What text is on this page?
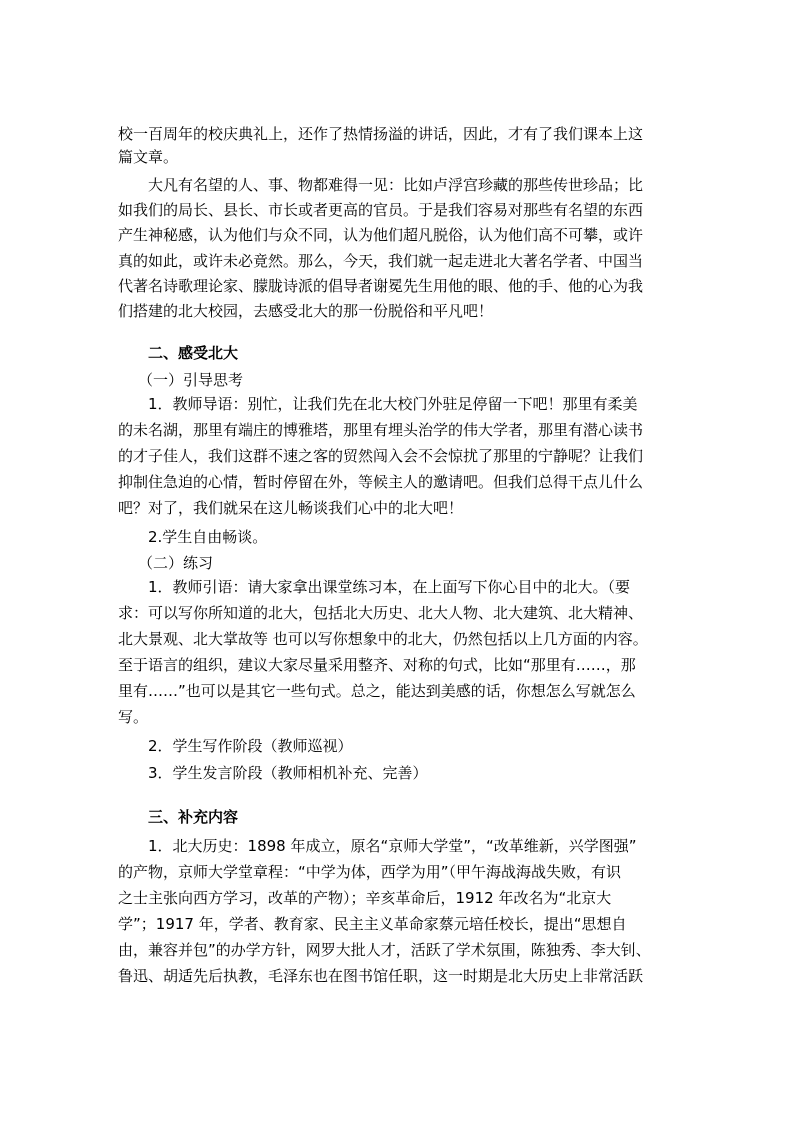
校一百周年的校庆典礼上，还作了热情扬溢的讲话，因此，才有了我们课本上这
篇文章。
大凡有名望的人、事、物都难得一见：比如卢浮宫珍藏的那些传世珍品；比
如我们的局长、县长、市长或者更高的官员。于是我们容易对那些有名望的东西
产生神秘感，认为他们与众不同，认为他们超凡脱俗，认为他们高不可攀，或许
真的如此，或许未必竟然。那么，今天，我们就一起走进北大著名学者、中国当
代著名诗歌理论家、朦胧诗派的倡导者谢冕先生用他的眼、他的手、他的心为我
们搭建的北大校园，去感受北大的那一份脱俗和平凡吧！
二、感受北大
（一）引导思考
1．教师导语：别忙，让我们先在北大校门外驻足停留一下吧！那里有柔美
的未名湖，那里有端庄的博雅塔，那里有埋头治学的伟大学者，那里有潜心读书
的才子佳人，我们这群不速之客的贸然闯入会不会惊扰了那里的宁静呢？让我们
抑制住急迫的心情，暂时停留在外，等候主人的邀请吧。但我们总得干点儿什么
吧？对了，我们就呆在这儿畅谈我们心中的北大吧！
2.学生自由畅谈。
（二）练习
1．教师引语：请大家拿出课堂练习本，在上面写下你心目中的北大。（要
求：可以写你所知道的北大，包括北大历史、北大人物、北大建筑、北大精神、
北大景观、北大掌故等 也可以写你想象中的北大，仍然包括以上几方面的内容。
至于语言的组织，建议大家尽量采用整齐、对称的句式，比如“那里有……，那
里有……”也可以是其它一些句式。总之，能达到美感的话，你想怎么写就怎么
写。
2．学生写作阶段（教师巡视）
3．学生发言阶段（教师相机补充、完善）
三、补充内容
1．北大历史：1898 年成立，原名“京师大学堂”，“改革维新，兴学图强”
的产物，京师大学堂章程：“中学为体，西学为用”（甲午海战海战失败，有识
之士主张向西方学习，改革的产物）；辛亥革命后，1912 年改名为“北京大
学”；1917 年，学者、教育家、民主主义革命家蔡元培任校长，提出“思想自
由，兼容并包”的办学方针，网罗大批人才，活跃了学术氛围，陈独秀、李大钊、
鲁迅、胡适先后执教，毛泽东也在图书馆任职，这一时期是北大历史上非常活跃
